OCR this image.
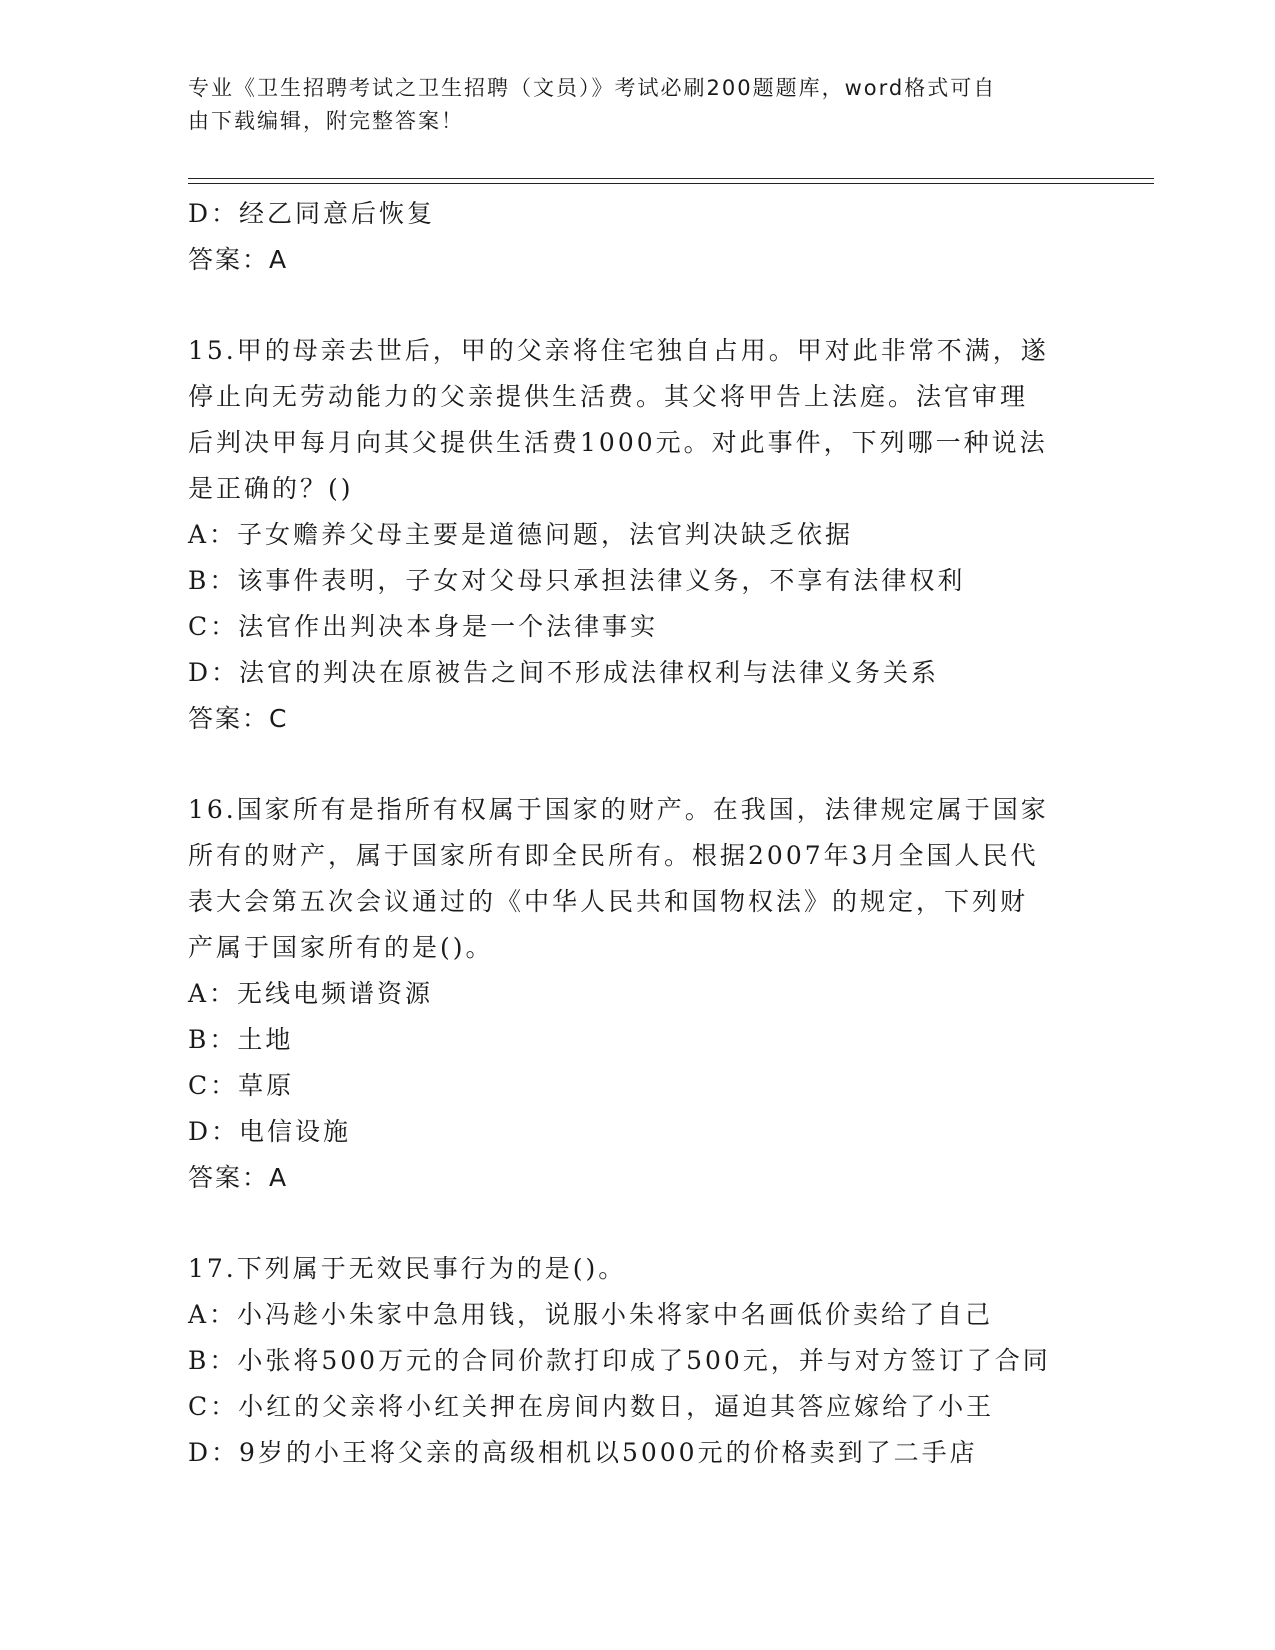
专业《卫生招聘考试之卫生招聘（文员）》考试必刷200题题库，word格式可自
由下载编辑，附完整答案！
D：经乙同意后恢复
答案：A
15.甲的母亲去世后，甲的父亲将住宅独自占用。甲对此非常不满，遂
停止向无劳动能力的父亲提供生活费。其父将甲告上法庭。法官审理
后判决甲每月向其父提供生活费1000元。对此事件，下列哪一种说法
是正确的？()
A：子女赡养父母主要是道德问题，法官判决缺乏依据
B：该事件表明，子女对父母只承担法律义务，不享有法律权利
C：法官作出判决本身是一个法律事实
D：法官的判决在原被告之间不形成法律权利与法律义务关系
答案：C
16.国家所有是指所有权属于国家的财产。在我国，法律规定属于国家
所有的财产，属于国家所有即全民所有。根据2007年3月全国人民代
表大会第五次会议通过的《中华人民共和国物权法》的规定，下列财
产属于国家所有的是()。
A：无线电频谱资源
B：土地
C：草原
D：电信设施
答案：A
17.下列属于无效民事行为的是()。
A：小冯趁小朱家中急用钱，说服小朱将家中名画低价卖给了自己
B：小张将500万元的合同价款打印成了500元，并与对方签订了合同
C：小红的父亲将小红关押在房间内数日，逼迫其答应嫁给了小王
D：9岁的小王将父亲的高级相机以5000元的价格卖到了二手店
